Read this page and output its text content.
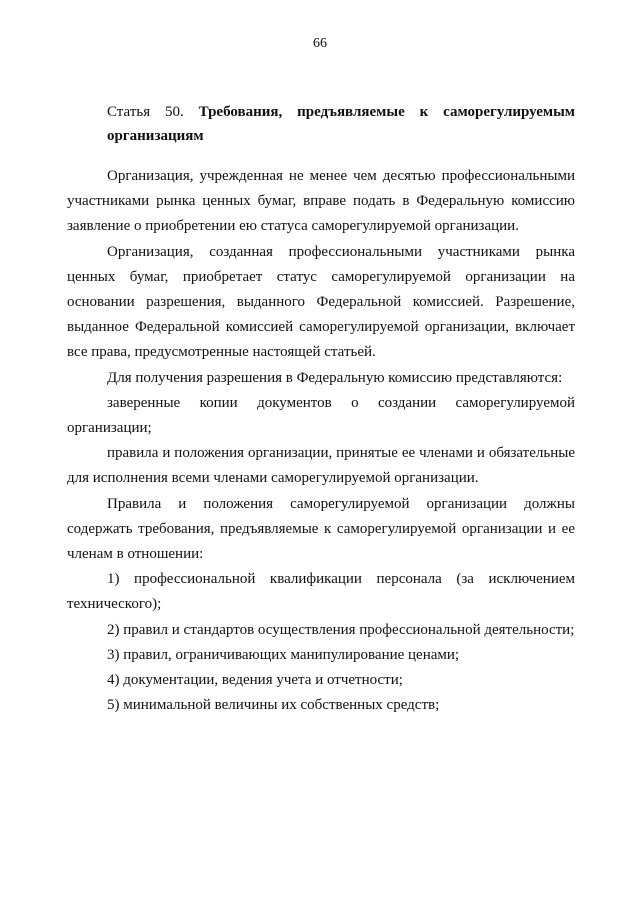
66
Статья 50. Требования, предъявляемые к саморегулируемым
организациям

Организация, учрежденная не менее чем десятью профессиональными участниками рынка ценных бумаг, вправе подать в Федеральную комиссию заявление о приобретении ею статуса саморегулируемой организации.

Организация, созданная профессиональными участниками рынка ценных бумаг, приобретает статус саморегулируемой организации на основании разрешения, выданного Федеральной комиссией. Разрешение, выданное Федеральной комиссией саморегулируемой организации, включает все права, предусмотренные настоящей статьей.

Для получения разрешения в Федеральную комиссию представляются:

заверенные копии документов о создании саморегулируемой организации;

правила и положения организации, принятые ее членами и обязательные для исполнения всеми членами саморегулируемой организации.

Правила и положения саморегулируемой организации должны содержать требования, предъявляемые к саморегулируемой организации и ее членам в отношении:

1) профессиональной квалификации персонала (за исключением технического);

2) правил и стандартов осуществления профессиональной деятельности;

3) правил, ограничивающих манипулирование ценами;

4) документации, ведения учета и отчетности;

5) минимальной величины их собственных средств;
